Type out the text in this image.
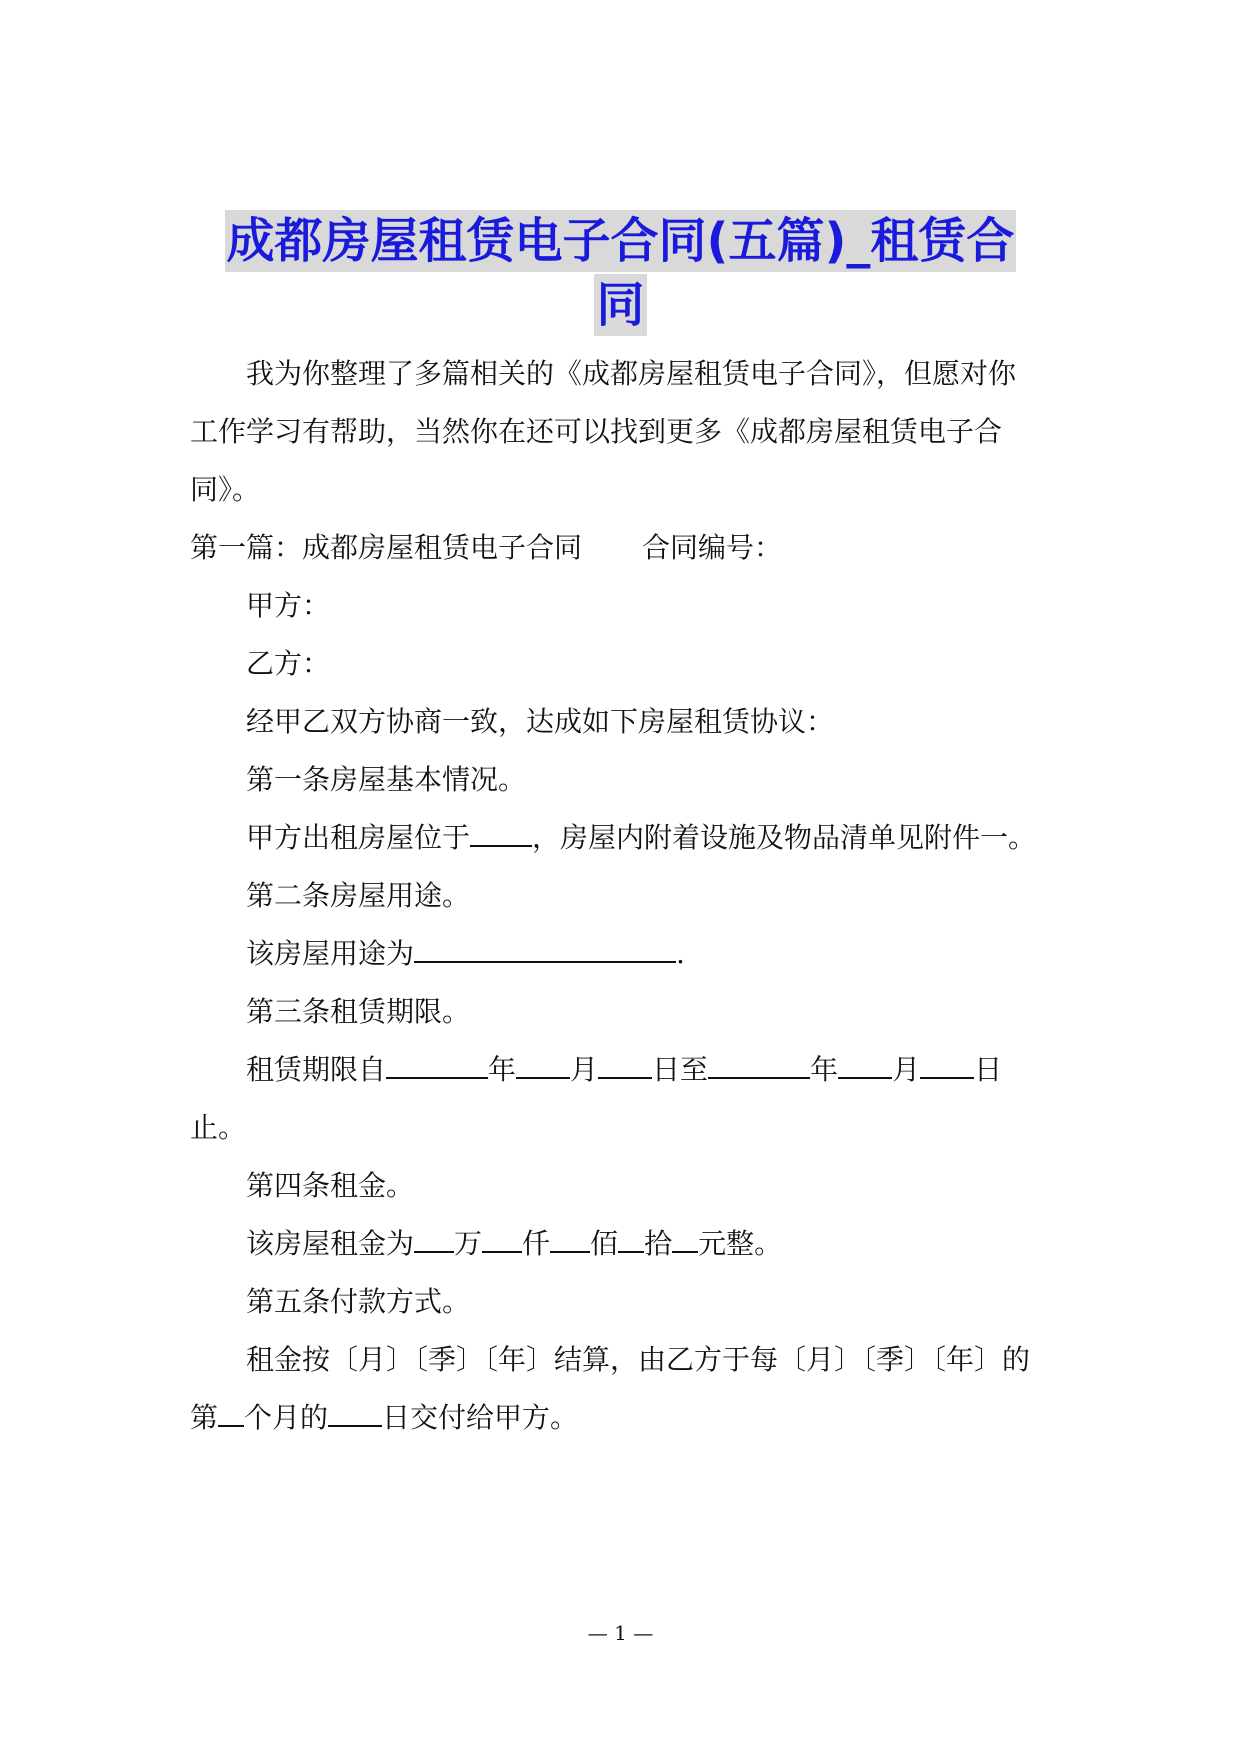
成都房屋租赁电子合同(五篇)_租赁合
同
我为你整理了多篇相关的《成都房屋租赁电子合同》，但愿对你
工作学习有帮助，当然你在还可以找到更多《成都房屋租赁电子合
同》。
第一篇：成都房屋租赁电子合同 合同编号：
甲方：
乙方：
经甲乙双方协商一致，达成如下房屋租赁协议：
第一条房屋基本情况。
甲方出租房屋位于 ，房屋内附着设施及物品清单见附件一。
第二条房屋用途。
该房屋用途为	.
第三条租赁期限。
租赁期限自	年 月 日至	年 月 日
止。
第四条租金。
该房屋租金为 万 仟 佰 拾 元整。
第五条付款方式。
租金按〔月〕〔季〕〔年〕结算，由乙方于每〔月〕〔季〕〔年〕的
第 个月的 日交付给甲方。
— 1 —
